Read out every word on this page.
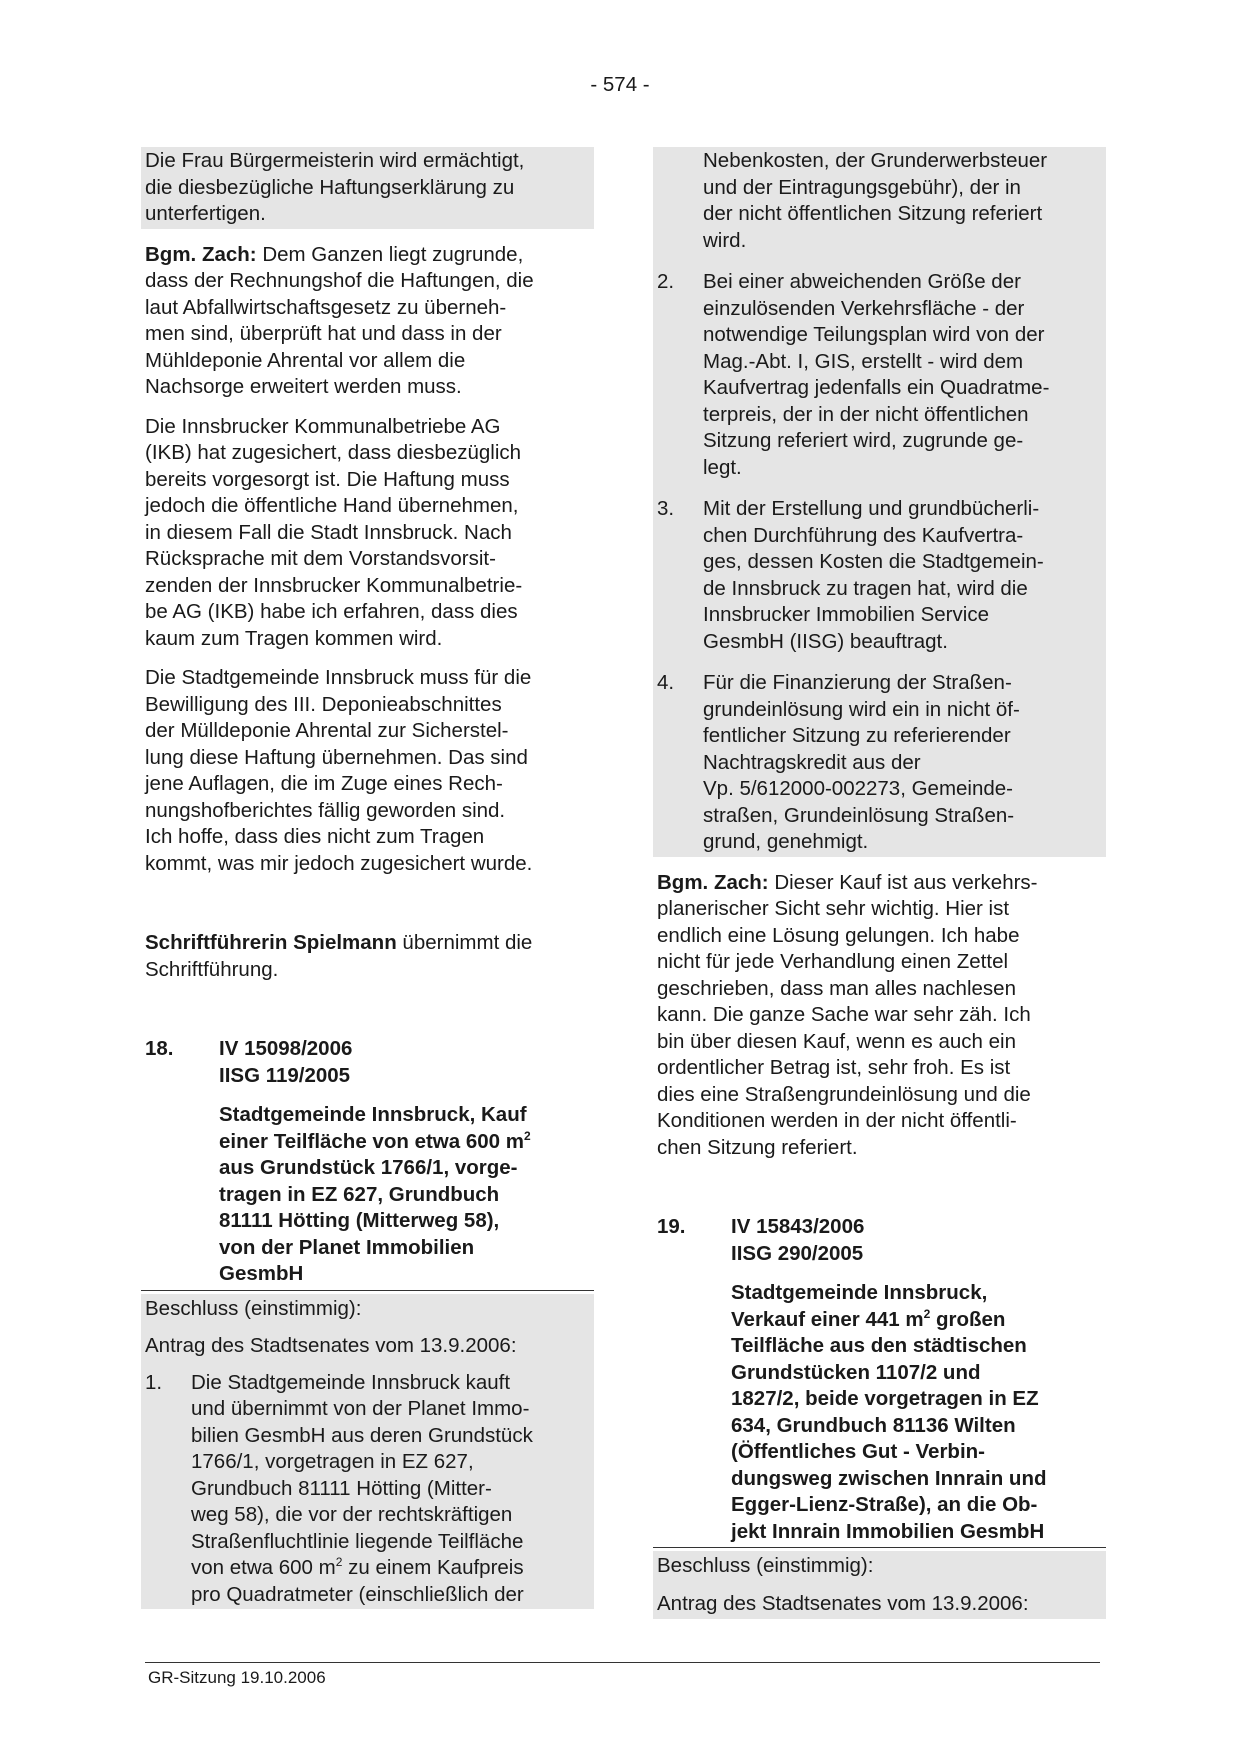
- 574 -
Die Frau Bürgermeisterin wird ermächtigt,
die diesbezügliche Haftungserklärung zu
unterfertigen.
Bgm. Zach: Dem Ganzen liegt zugrunde,
dass der Rechnungshof die Haftungen, die
laut Abfallwirtschaftsgesetz zu überneh-
men sind, überprüft hat und dass in der
Mühldeponie Ahrental vor allem die
Nachsorge erweitert werden muss.
Die Innsbrucker Kommunalbetriebe AG
(IKB) hat zugesichert, dass diesbezüglich
bereits vorgesorgt ist. Die Haftung muss
jedoch die öffentliche Hand übernehmen,
in diesem Fall die Stadt Innsbruck. Nach
Rücksprache mit dem Vorstandsvorsit-
zenden der Innsbrucker Kommunalbetrie-
be AG (IKB) habe ich erfahren, dass dies
kaum zum Tragen kommen wird.
Die Stadtgemeinde Innsbruck muss für die
Bewilligung des III. Deponieabschnittes
der Mülldeponie Ahrental zur Sicherstel-
lung diese Haftung übernehmen. Das sind
jene Auflagen, die im Zuge eines Rech-
nungshofberichtes fällig geworden sind.
Ich hoffe, dass dies nicht zum Tragen
kommt, was mir jedoch zugesichert wurde.
Schriftführerin Spielmann übernimmt die
Schriftführung.
18.	IV 15098/2006
IISG 119/2005
Stadtgemeinde Innsbruck, Kauf
einer Teilfläche von etwa 600 $m^2$
aus Grundstück 1766/1, vorge-
tragen in EZ 627, Grundbuch
81111 Hötting (Mitterweg 58),
von der Planet Immobilien
GesmbH
Beschluss (einstimmig):
Antrag des Stadtsenates vom 13.9.2006:
1.	Die Stadtgemeinde Innsbruck kauft
und übernimmt von der Planet Immo-
bilien GesmbH aus deren Grundstück
1766/1, vorgetragen in EZ 627,
Grundbuch 81111 Hötting (Mitter-
weg 58), die vor der rechtskräftigen
Straßenfluchtlinie liegende Teilfläche
von etwa 600 $m^2$ zu einem Kaufpreis
pro Quadratmeter (einschließlich der
Nebenkosten, der Grunderwerbsteuer
und der Eintragungsgebühr), der in
der nicht öffentlichen Sitzung referiert
wird.
2.	Bei einer abweichenden Größe der
einzulösenden Verkehrsfläche - der
notwendige Teilungsplan wird von der
Mag.-Abt. I, GIS, erstellt - wird dem
Kaufvertrag jedenfalls ein Quadratme-
terpreis, der in der nicht öffentlichen
Sitzung referiert wird, zugrunde ge-
legt.
3.	Mit der Erstellung und grundbücherli-
chen Durchführung des Kaufvertra-
ges, dessen Kosten die Stadtgemein-
de Innsbruck zu tragen hat, wird die
Innsbrucker Immobilien Service
GesmbH (IISG) beauftragt.
4.	Für die Finanzierung der Straßen-
grundeinlösung wird ein in nicht öf-
fentlicher Sitzung zu referierender
Nachtragskredit aus der
Vp. 5/612000-002273, Gemeinde-
straßen, Grundeinlösung Straßen-
grund, genehmigt.
Bgm. Zach: Dieser Kauf ist aus verkehrs-
planerischer Sicht sehr wichtig. Hier ist
endlich eine Lösung gelungen. Ich habe
nicht für jede Verhandlung einen Zettel
geschrieben, dass man alles nachlesen
kann. Die ganze Sache war sehr zäh. Ich
bin über diesen Kauf, wenn es auch ein
ordentlicher Betrag ist, sehr froh. Es ist
dies eine Straßengrundeinlösung und die
Konditionen werden in der nicht öffentli-
chen Sitzung referiert.
19.	IV 15843/2006
IISG 290/2005
Stadtgemeinde Innsbruck,
Verkauf einer 441 $m^2$ großen
Teilfläche aus den städtischen
Grundstücken 1107/2 und
1827/2, beide vorgetragen in EZ
634, Grundbuch 81136 Wilten
(Öffentliches Gut - Verbin-
dungsweg zwischen Innrain und
Egger-Lienz-Straße), an die Ob-
jekt Innrain Immobilien GesmbH
Beschluss (einstimmig):
Antrag des Stadtsenates vom 13.9.2006:
GR-Sitzung 19.10.2006
